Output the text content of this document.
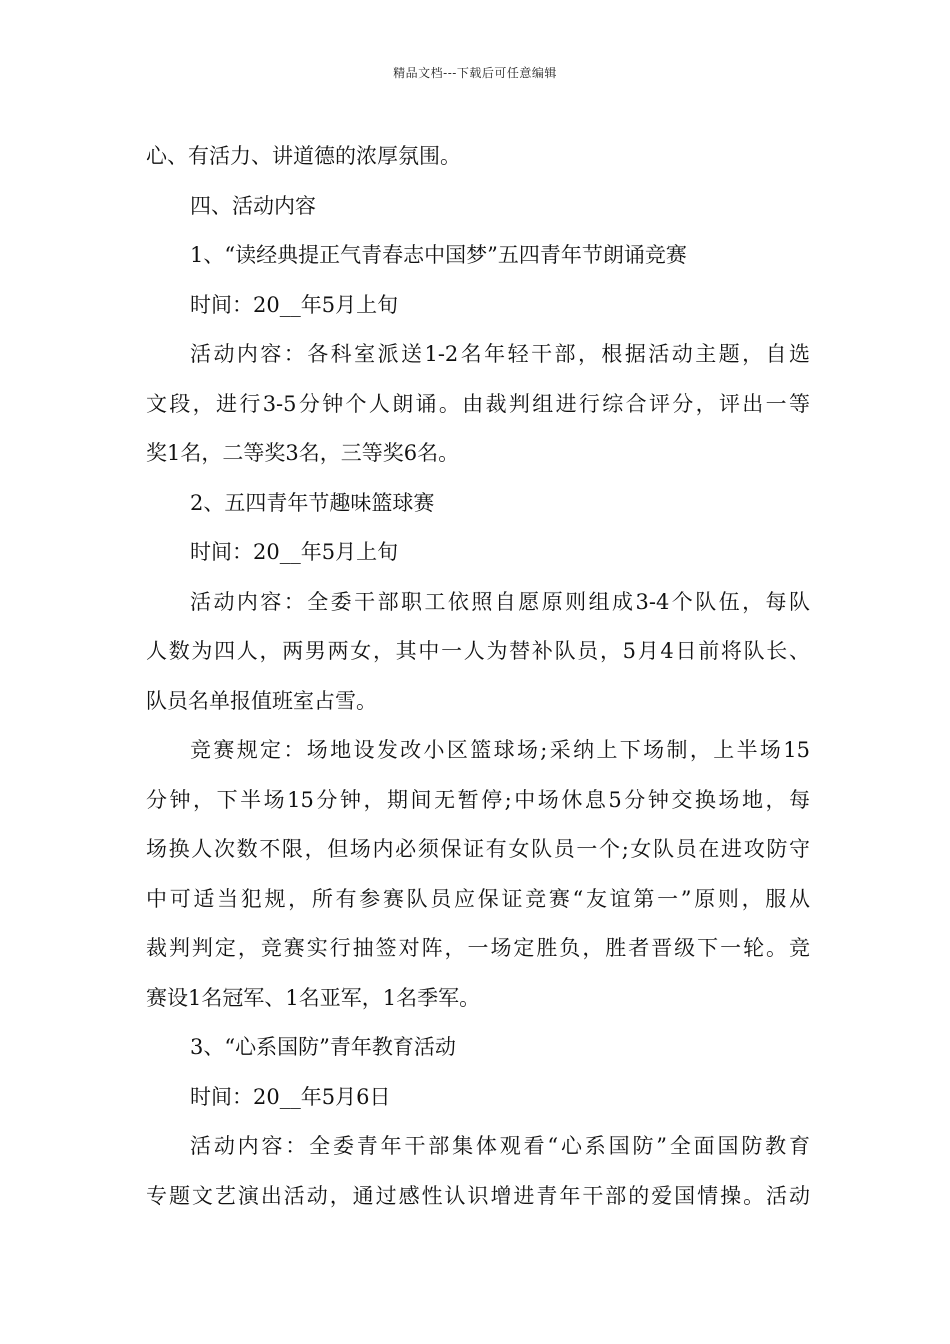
精品文档---下载后可任意编辑
心、有活力、讲道德的浓厚氛围。
四、活动内容
1、“读经典提正气青春志中国梦”五四青年节朗诵竞赛
时间：20__年5月上旬
活动内容：各科室派送1-2名年轻干部，根据活动主题，自选
文段，进行3-5分钟个人朗诵。由裁判组进行综合评分，评出一等
奖1名，二等奖3名，三等奖6名。
2、五四青年节趣味篮球赛
时间：20__年5月上旬
活动内容：全委干部职工依照自愿原则组成3-4个队伍，每队
人数为四人，两男两女，其中一人为替补队员，5月4日前将队长、
队员名单报值班室占雪。
竞赛规定：场地设发改小区篮球场;采纳上下场制，上半场15
分钟，下半场15分钟，期间无暂停;中场休息5分钟交换场地，每
场换人次数不限，但场内必须保证有女队员一个;女队员在进攻防守
中可适当犯规，所有参赛队员应保证竞赛“友谊第一”原则，服从
裁判判定，竞赛实行抽签对阵，一场定胜负，胜者晋级下一轮。竞
赛设1名冠军、1名亚军，1名季军。
3、“心系国防”青年教育活动
时间：20__年5月6日
活动内容：全委青年干部集体观看“心系国防”全面国防教育
专题文艺演出活动，通过感性认识增进青年干部的爱国情操。活动
